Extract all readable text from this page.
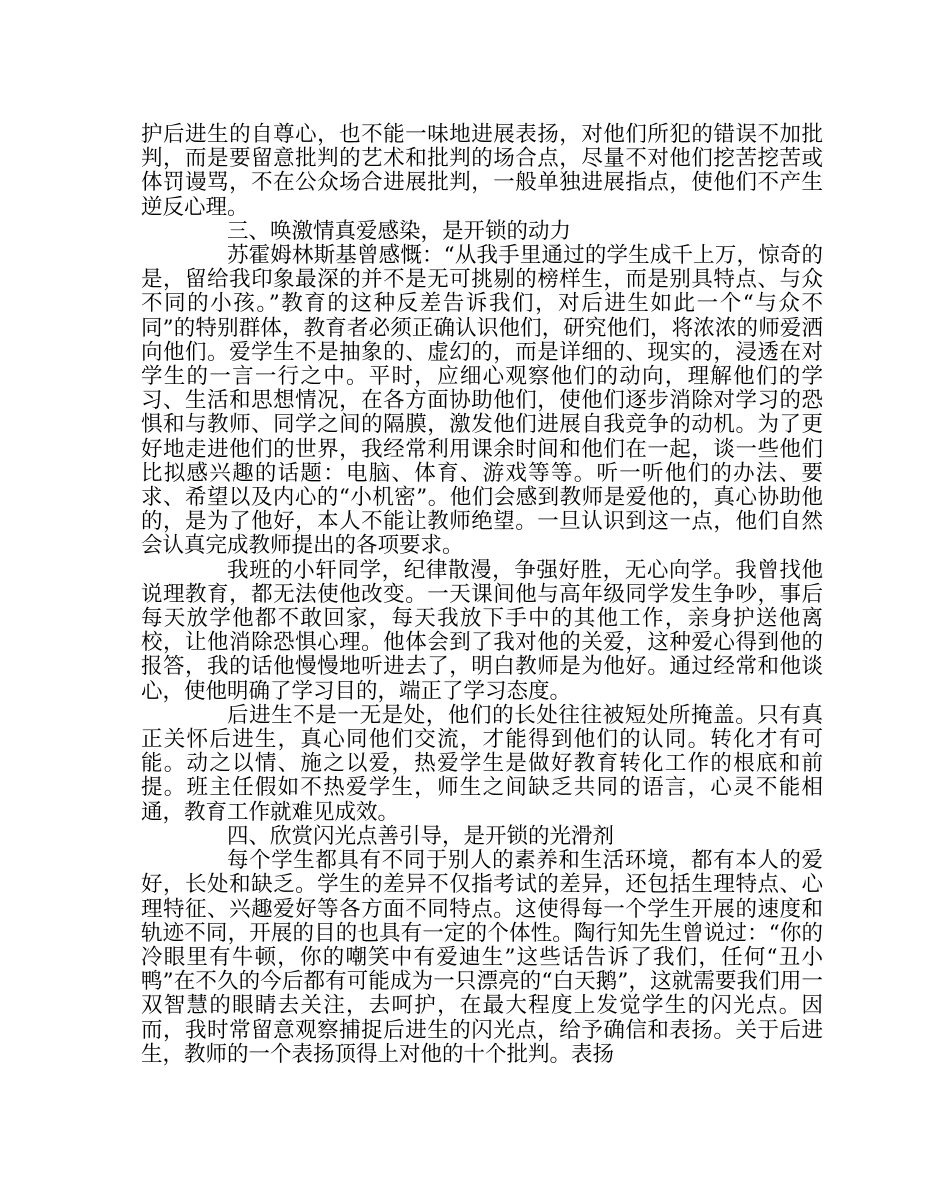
护后进生的自尊心，也不能一味地进展表扬，对他们所犯的错误不加批判，而是要留意批判的艺术和批判的场合点，尽量不对他们挖苦挖苦或体罚谩骂，不在公众场合进展批判，一般单独进展指点，使他们不产生逆反心理。

三、唤激情真爱感染，是开锁的动力

苏霍姆林斯基曾感慨：“从我手里通过的学生成千上万，惊奇的是，留给我印象最深的并不是无可挑剔的榜样生，而是别具特点、与众不同的小孩。”教育的这种反差告诉我们，对后进生如此一个“与众不同”的特别群体，教育者必须正确认识他们，研究他们，将浓浓的师爱洒向他们。爱学生不是抽象的、虚幻的，而是详细的、现实的，浸透在对学生的一言一行之中。平时，应细心观察他们的动向，理解他们的学习、生活和思想情况，在各方面协助他们，使他们逐步消除对学习的恐惧和与教师、同学之间的隔膜，激发他们进展自我竞争的动机。为了更好地走进他们的世界，我经常利用课余时间和他们在一起，谈一些他们比拟感兴趣的话题：电脑、体育、游戏等等。听一听他们的办法、要求、希望以及内心的“小机密”。他们会感到教师是爱他的，真心协助他的，是为了他好，本人不能让教师绝望。一旦认识到这一点，他们自然会认真完成教师提出的各项要求。

我班的小轩同学，纪律散漫，争强好胜，无心向学。我曾找他说理教育，都无法使他改变。一天课间他与高年级同学发生争吵，事后每天放学他都不敢回家，每天我放下手中的其他工作，亲身护送他离校，让他消除恐惧心理。他体会到了我对他的关爱，这种爱心得到他的报答，我的话他慢慢地听进去了，明白教师是为他好。通过经常和他谈心，使他明确了学习目的，端正了学习态度。

后进生不是一无是处，他们的长处往往被短处所掩盖。只有真正关怀后进生，真心同他们交流，才能得到他们的认同。转化才有可能。动之以情、施之以爱，热爱学生是做好教育转化工作的根底和前提。班主任假如不热爱学生，师生之间缺乏共同的语言，心灵不能相通，教育工作就难见成效。

四、欣赏闪光点善引导，是开锁的光滑剂

每个学生都具有不同于别人的素养和生活环境，都有本人的爱好，长处和缺乏。学生的差异不仅指考试的差异，还包括生理特点、心理特征、兴趣爱好等各方面不同特点。这使得每一个学生开展的速度和轨迹不同，开展的目的也具有一定的个体性。陶行知先生曾说过：“你的冷眼里有牛顿，你的嘲笑中有爱迪生”这些话告诉了我们，任何“丑小鸭”在不久的今后都有可能成为一只漂亮的“白天鹅”，这就需要我们用一双智慧的眼睛去关注，去呵护，在最大程度上发觉学生的闪光点。因而，我时常留意观察捕捉后进生的闪光点，给予确信和表扬。关于后进生，教师的一个表扬顶得上对他的十个批判。表扬
